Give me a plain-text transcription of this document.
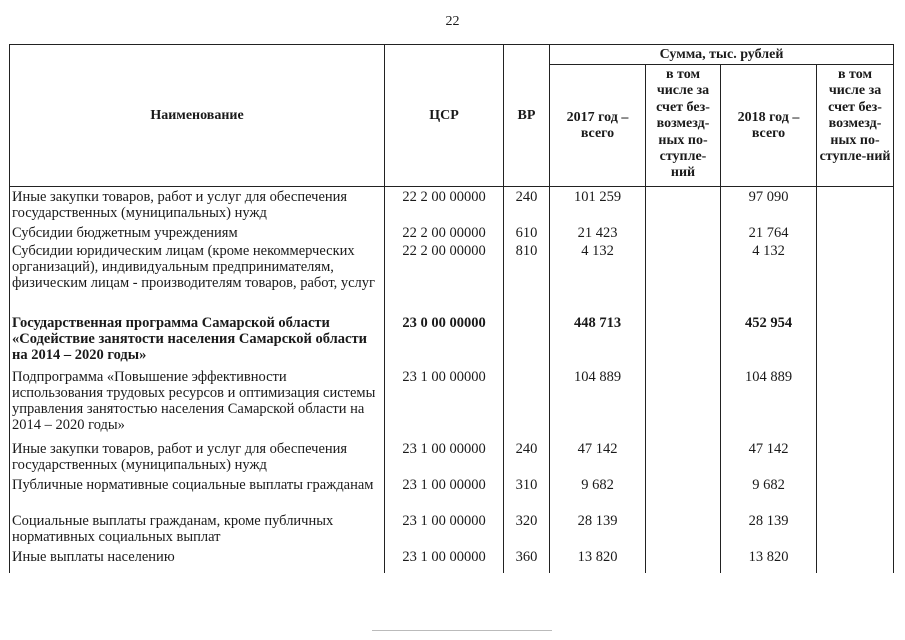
22
Наименование	ЦСР	ВР	Сумма, тыс. рублей			
			2017 год – всего	в том числе за счет без-возмезд-ных по-ступле-ний	2018 год – всего	в том числе за счет без-возмезд-ных по-ступле-ний
Иные закупки товаров, работ и услуг для обеспечения государственных (муниципальных) нужд	22 2 00 00000	240	101 259		97 090	
Субсидии бюджетным учреждениям	22 2 00 00000	610	21 423		21 764	
Субсидии юридическим лицам (кроме некоммерческих организаций), индивидуальным предпринимателям, физическим лицам - производителям товаров, работ, услуг	22 2 00 00000	810	4 132		4 132	
Государственная программа Самарской области «Содействие занятости населения Самарской области на 2014 – 2020 годы»	23 0 00 00000		448 713		452 954	
Подпрограмма «Повышение эффективности использования трудовых ресурсов и оптимизация системы управления занятостью населения Самарской области на 2014 – 2020 годы»	23 1 00 00000		104 889		104 889	
Иные закупки товаров, работ и услуг для обеспечения государственных (муниципальных) нужд	23 1 00 00000	240	47 142		47 142	
Публичные нормативные социальные выплаты гражданам	23 1 00 00000	310	9 682		9 682	
Социальные выплаты гражданам, кроме публичных нормативных социальных выплат	23 1 00 00000	320	28 139		28 139	
Иные выплаты населению	23 1 00 00000	360	13 820		13 820	
